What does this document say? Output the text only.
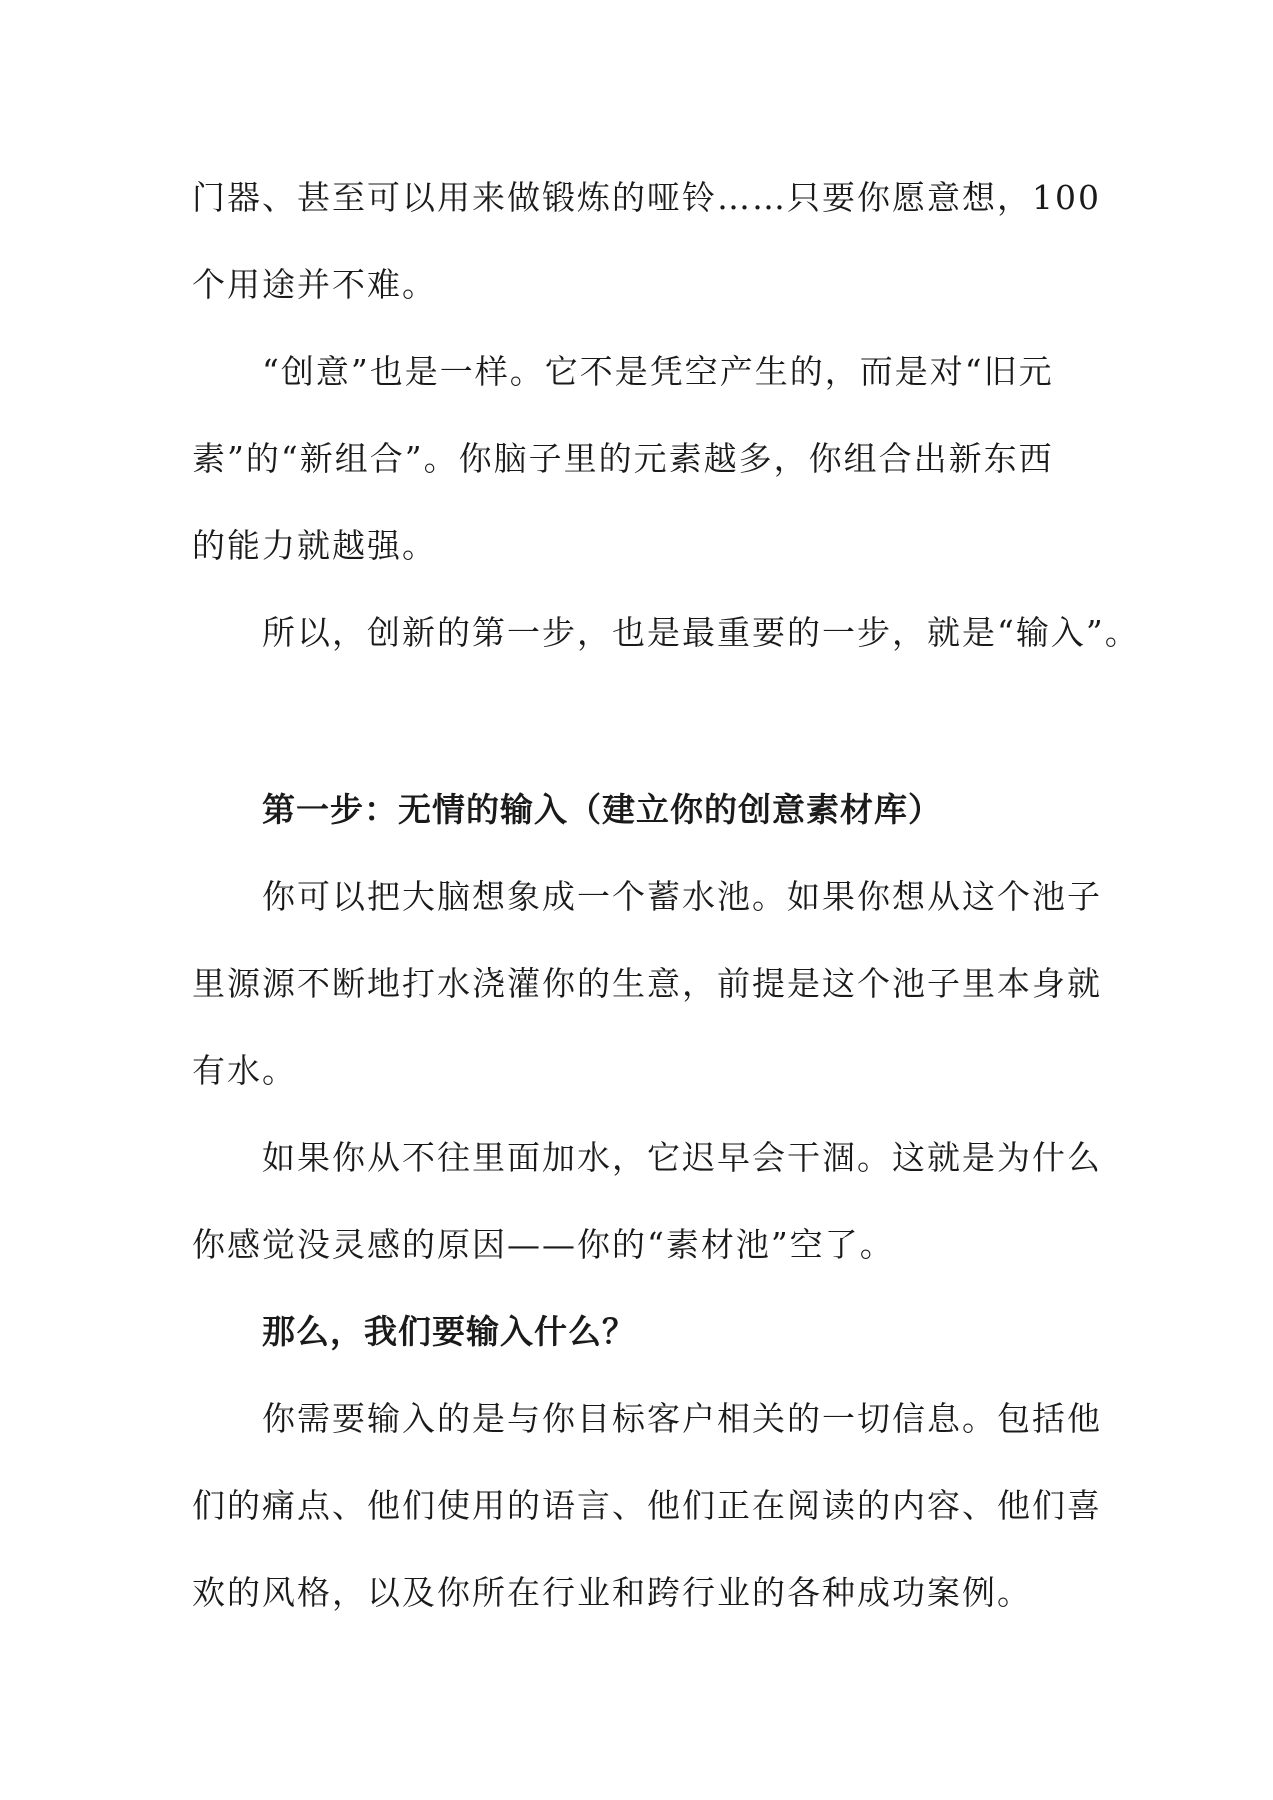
门器、甚至可以用来做锻炼的哑铃……只要你愿意想，100
个用途并不难。
“创意”也是一样。它不是凭空产生的，而是对“旧元
素”的“新组合”。你脑子里的元素越多，你组合出新东西
的能力就越强。
所以，创新的第一步，也是最重要的一步，就是“输入”。
第一步：无情的输入（建立你的创意素材库）
你可以把大脑想象成一个蓄水池。如果你想从这个池子
里源源不断地打水浇灌你的生意，前提是这个池子里本身就
有水。
如果你从不往里面加水，它迟早会干涸。这就是为什么
你感觉没灵感的原因——你的“素材池”空了。
那么，我们要输入什么？
你需要输入的是与你目标客户相关的一切信息。包括他
们的痛点、他们使用的语言、他们正在阅读的内容、他们喜
欢的风格，以及你所在行业和跨行业的各种成功案例。
